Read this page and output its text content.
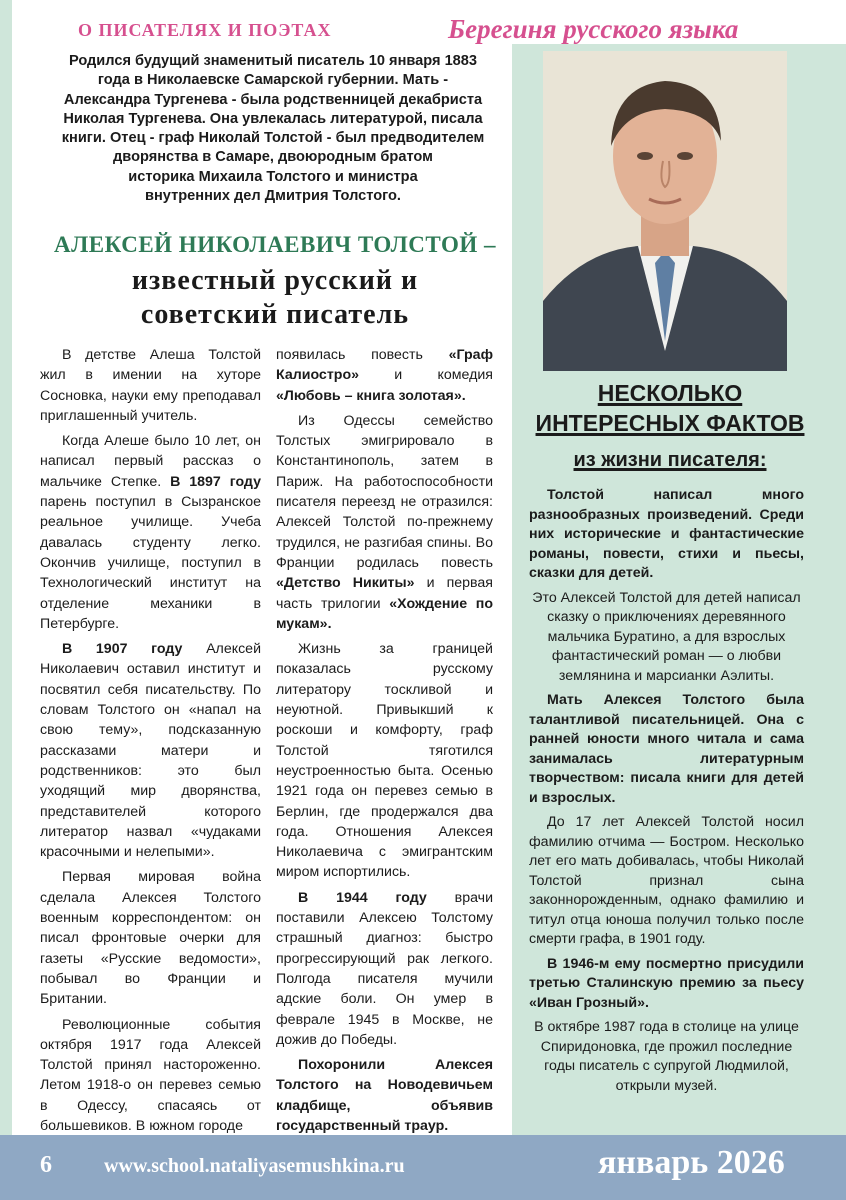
О ПИСАТЕЛЯХ И ПОЭТАХ	Берегиня русского языка
Родился будущий знаменитый писатель 10 января 1883
года в Николаевске Самарской губернии. Мать -
Александра Тургенева - была родственницей декабриста
Николая Тургенева. Она увлекалась литературой, писала
книги. Отец - граф Николай Толстой - был предводителем
дворянства в Самаре, двоюродным братом
историка Михаила Толстого и министра
внутренних дел Дмитрия Толстого.
АЛЕКСЕЙ НИКОЛАЕВИЧ ТОЛСТОЙ –
известный русский и
советский писатель

В детстве Алеша Толстой жил в имении на хуторе Сосновка, науки ему преподавал приглашенный учитель.

Когда Алеше было 10 лет, он написал первый рассказ о мальчике Степке. В 1897 году парень поступил в Сызранское реальное училище. Учеба давалась студенту легко. Окончив училище, поступил в Технологический институт на отделение механики в Петербурге.

В 1907 году Алексей Николаевич оставил институт и посвятил себя писательству. По словам Толстого он «напал на свою тему», подсказанную рассказами матери и родственников: это был уходящий мир дворянства, представителей которого литератор назвал «чудаками красочными и нелепыми».

Первая мировая война сделала Алексея Толстого военным корреспондентом: он писал фронтовые очерки для газеты «Русские ведомости», побывал во Франции и Британии.

Революционные события октября 1917 года Алексей Толстой принял настороженно. Летом 1918-о он перевез семью в Одессу, спасаясь от большевиков. В южном городе

появилась повесть «Граф Калиостро» и комедия «Любовь – книга золотая».

Из Одессы семейство Толстых эмигрировало в Константинополь, затем в Париж. На работоспособности писателя переезд не отразился: Алексей Толстой по-прежнему трудился, не разгибая спины. Во Франции родилась повесть «Детство Никиты» и первая часть трилогии «Хождение по мукам».

Жизнь за границей показалась русскому литератору тоскливой и неуютной. Привыкший к роскоши и комфорту, граф Толстой тяготился неустроенностью быта. Осенью 1921 года он перевез семью в Берлин, где продержался два года. Отношения Алексея Николаевича с эмигрантским миром испортились.

В 1944 году врачи поставили Алексею Толстому страшный диагноз: быстро прогрессирующий рак легкого. Полгода писателя мучили адские боли. Он умер в феврале 1945 в Москве, не дожив до Победы.

Похоронили Алексея Толстого на Новодевичьем кладбище, объявив государственный траур.

НЕСКОЛЬКО
ИНТЕРЕСНЫХ ФАКТОВ
из жизни писателя:

Толстой написал много разнообразных произведений. Среди них исторические и фантастические романы, повести, стихи и пьесы, сказки для детей.

Это Алексей Толстой для детей написал сказку о приключениях деревянного мальчика Буратино, а для взрослых фантастический роман — о любви землянина и марсианки Аэлиты.

Мать Алексея Толстого была талантливой писательницей. Она с ранней юности много читала и сама занималась литературным творчеством: писала книги для детей и взрослых.

До 17 лет Алексей Толстой носил фамилию отчима — Бостром. Несколько лет его мать добивалась, чтобы Николай Толстой признал сына законнорожденным, однако фамилию и титул отца юноша получил только после смерти графа, в 1901 году.

В 1946-м ему посмертно присудили третью Сталинскую премию за пьесу «Иван Грозный».

В октябре 1987 года в столице на улице Спиридоновка, где прожил последние годы писатель с супругой Людмилой, открыли музей.

6	www.school.nataliyasemushkina.ru	январь 2026
